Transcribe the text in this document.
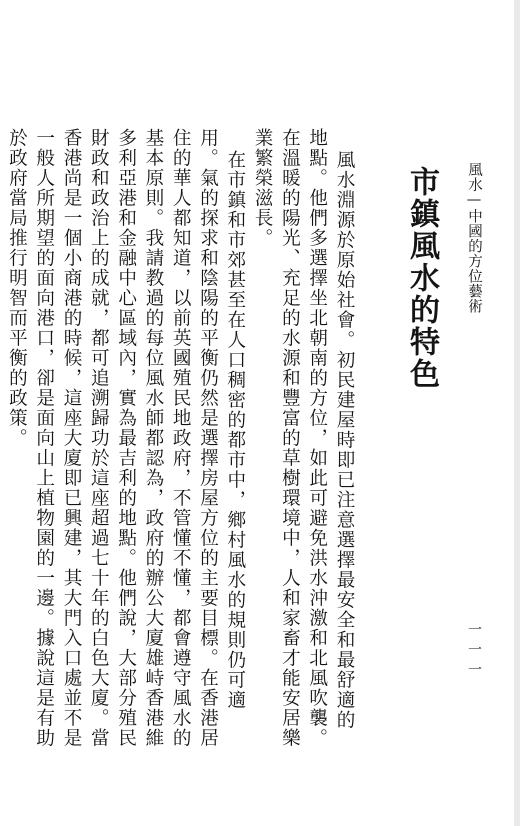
風水—中國的方位藝術
一一一
市鎮風水的特色

風水淵源於原始社會。初民建屋時即已注意選擇最安全和最舒適的地點。他們多選擇坐北朝南的方位，如此可避免洪水沖激和北風吹襲。在溫暖的陽光、充足的水源和豐富的草樹環境中，人和家畜才能安居樂業繁榮滋長。

在市鎮和市郊甚至在人口稠密的都市中，鄉村風水的規則仍可適用。氣的探求和陰陽的平衡仍然是選擇房屋方位的主要目標。在香港居住的華人都知道，以前英國殖民地政府，不管懂不懂，都會遵守風水的基本原則。我請教過的每位風水師都認為，政府的辦公大廈雄峙香港維多利亞港和金融中心區域內，實為最吉利的地點。他們說，大部分殖民財政和政治上的成就，都可追溯歸功於這座超過七十年的白色大廈。當香港尚是一個小商港的時候，這座大廈即已興建，其大門入口處並不是一般人所期望的面向港口，卻是面向山上植物園的一邊。據說這是有助於政府當局推行明智而平衡的政策。
